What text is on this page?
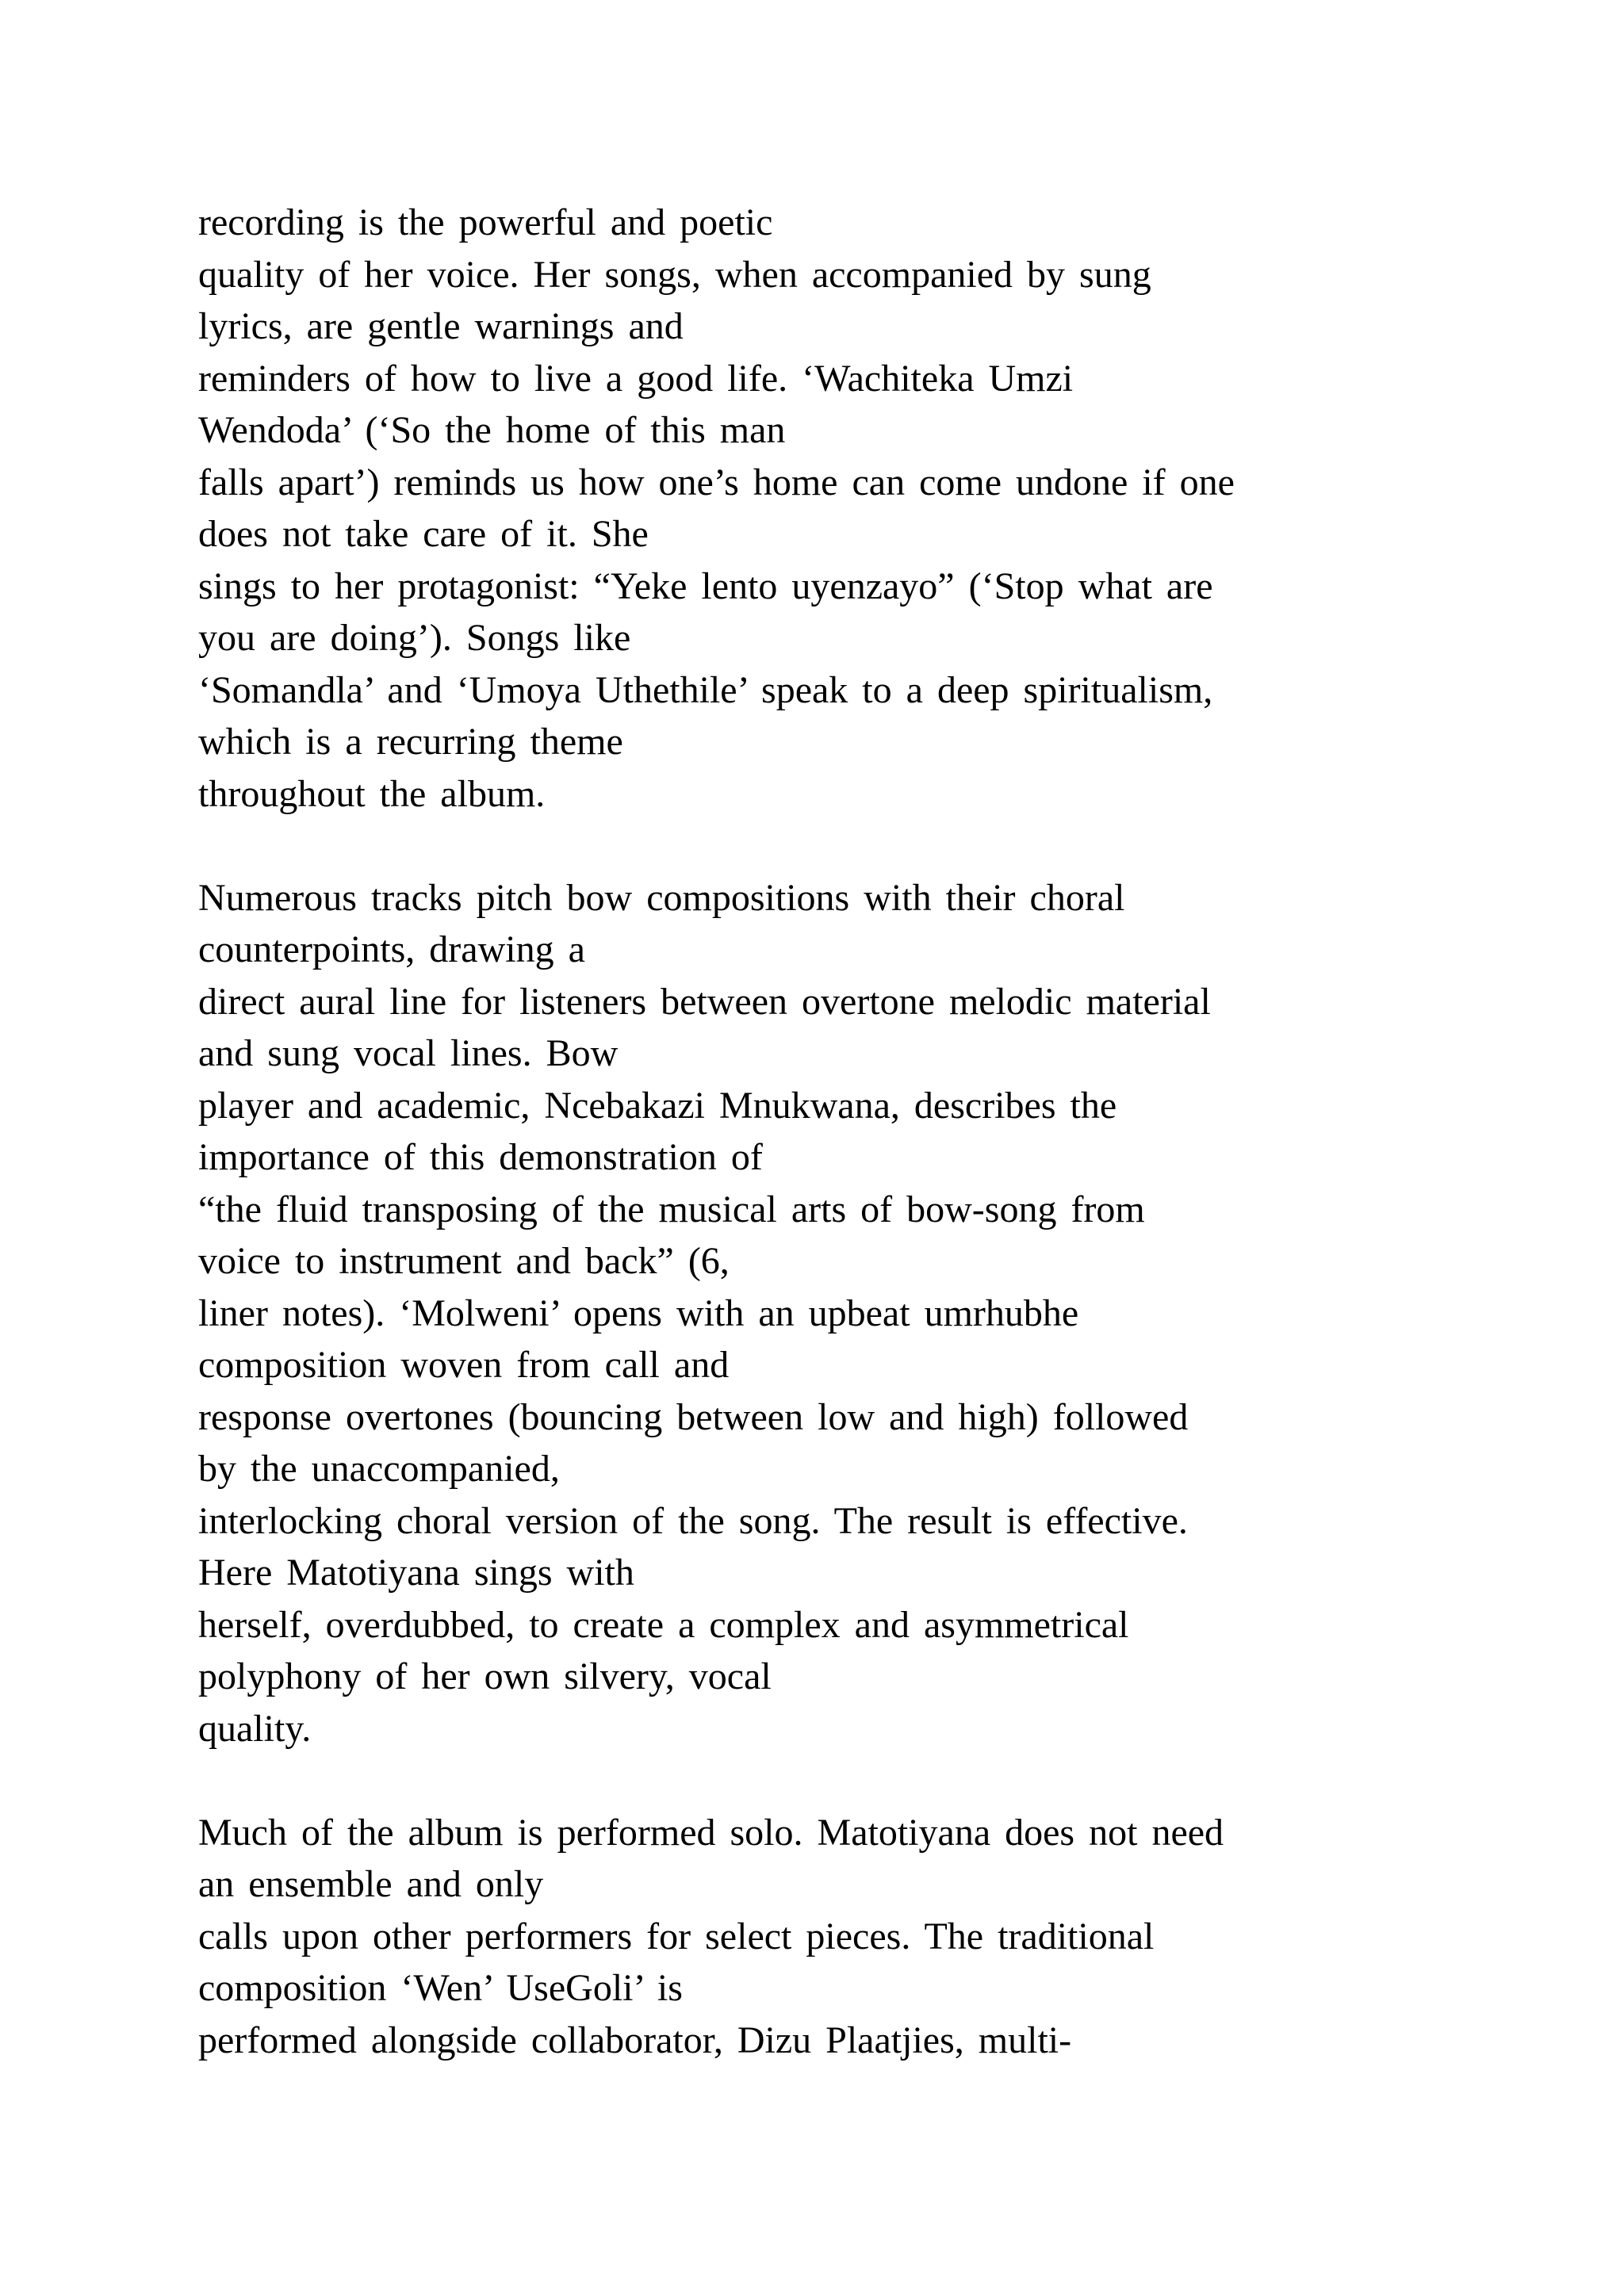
recording is the powerful and poetic

quality of her voice. Her songs, when accompanied by sung

lyrics, are gentle warnings and

reminders of how to live a good life. ‘Wachiteka Umzi

Wendoda’ (‘So the home of this man

falls apart’) reminds us how one’s home can come undone if one

does not take care of it. She

sings to her protagonist: “Yeke lento uyenzayo” (‘Stop what are

you are doing’). Songs like

‘Somandla’ and ‘Umoya Uthethile’ speak to a deep spiritualism,

which is a recurring theme

throughout the album.

Numerous tracks pitch bow compositions with their choral

counterpoints, drawing a

direct aural line for listeners between overtone melodic material

and sung vocal lines. Bow

player and academic, Ncebakazi Mnukwana, describes the

importance of this demonstration of

“the fluid transposing of the musical arts of bow-song from

voice to instrument and back” (6,

liner notes). ‘Molweni’ opens with an upbeat umrhubhe

composition woven from call and

response overtones (bouncing between low and high) followed

by the unaccompanied,

interlocking choral version of the song. The result is effective.

Here Matotiyana sings with

herself, overdubbed, to create a complex and asymmetrical

polyphony of her own silvery, vocal

quality.

Much of the album is performed solo. Matotiyana does not need

an ensemble and only

calls upon other performers for select pieces. The traditional

composition ‘Wen’ UseGoli’ is

performed alongside collaborator, Dizu Plaatjies, multi-
